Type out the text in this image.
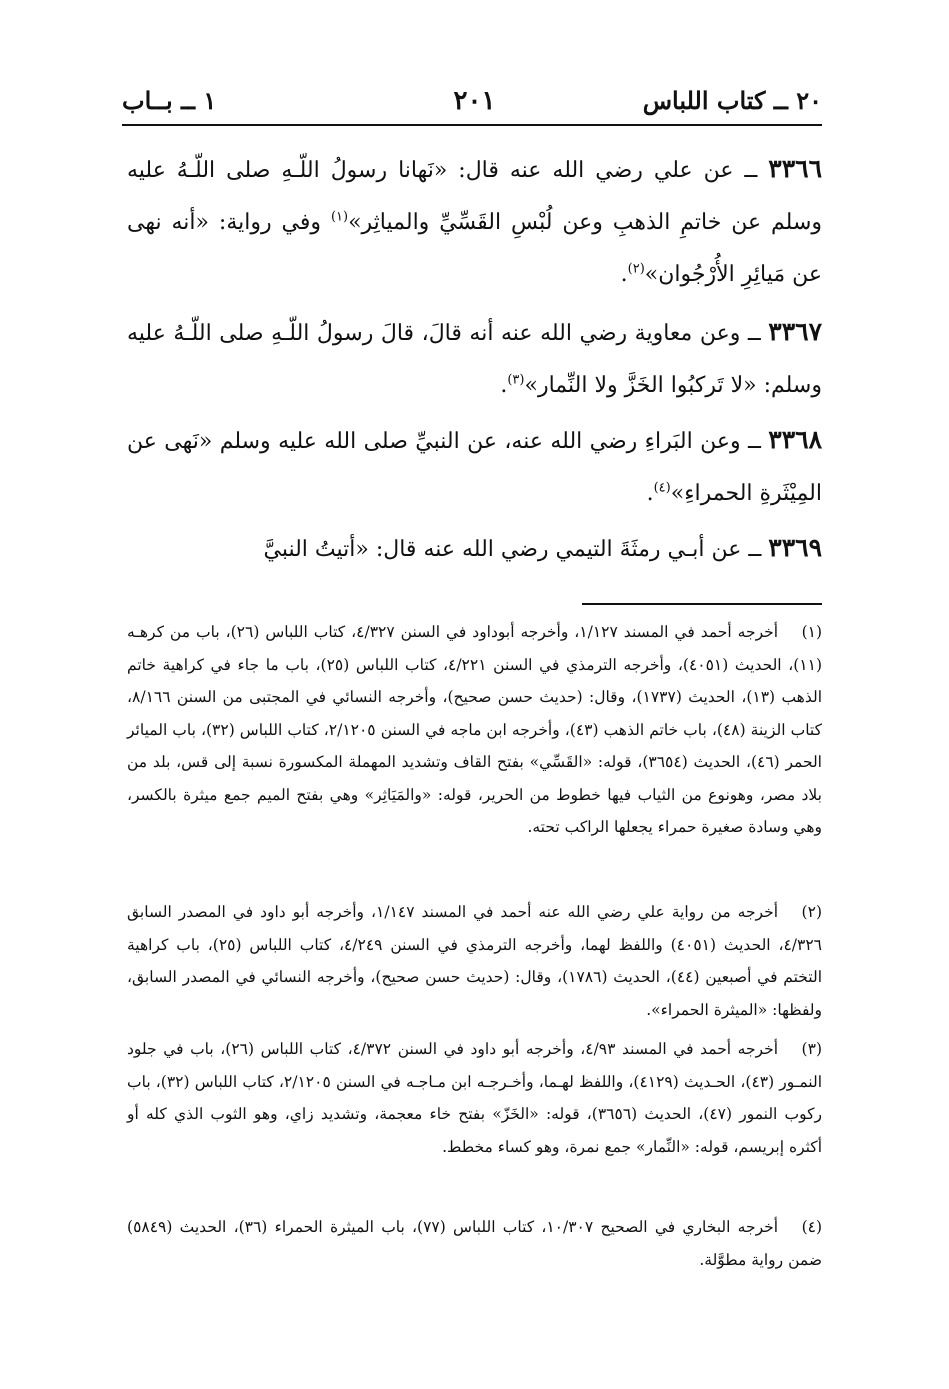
٢٠ ــ كتاب اللباس
٢٠١
١ ــ بــاب
٣٣٦٦ ــ عن علي رضي الله عنه قال: «نَهانا رسولُ اللّـهِ صلى اللّـهُ عليه وسلم عن خاتمِ الذهبِ وعن لُبْسِ القَسِّيِّ والمياثِر»$^{(١)}$ وفي رواية: «أنه نهى عن مَيائِرِ الأُرْجُوان»$^{(٢)}$.
٣٣٦٧ ــ وعن معاوية رضي الله عنه أنه قالَ، قالَ رسولُ اللّـهِ صلى اللّـهُ عليه وسلم: «لا تَركبُوا الخَزَّ ولا النِّمار»$^{(٣)}$.
٣٣٦٨ ــ وعن البَراءِ رضي الله عنه، عن النبيِّ صلى الله عليه وسلم «نَهى عن المِيْثَرةِ الحمراءِ»$^{(٤)}$.
٣٣٦٩ ــ عن أبـي رمثَةَ التيمي رضي الله عنه قال: «أتيتُ النبيَّ
(١)أخرجه أحمد في المسند ١/١٢٧، وأخرجه أبوداود في السنن ٤/٣٢٧، كتاب اللباس (٢٦)، باب من كرهـه (١١)، الحديث (٤٠٥١)، وأخرجه الترمذي في السنن ٤/٢٢١، كتاب اللباس (٢٥)، باب ما جاء في كراهية خاتم الذهب (١٣)، الحديث (١٧٣٧)، وقال: (حديث حسن صحيح)، وأخرجه النسائي في المجتبى من السنن ٨/١٦٦، كتاب الزينة (٤٨)، باب خاتم الذهب (٤٣)، وأخرجه ابن ماجه في السنن ٢/١٢٠٥، كتاب اللباس (٣٢)، باب الميائر الحمر (٤٦)، الحديث (٣٦٥٤)، قوله: «القَسِّي» بفتح القاف وتشديد المهملة المكسورة نسبة إلى قس، بلد من بلاد مصر، وهونوع من الثياب فيها خطوط من الحرير، قوله: «والمَيَاثِر» وهي بفتح الميم جمع ميثرة بالكسر، وهي وسادة صغيرة حمراء يجعلها الراكب تحته.
(٢)أخرجه من رواية علي رضي الله عنه أحمد في المسند ١/١٤٧، وأخرجه أبو داود في المصدر السابق ٤/٣٢٦، الحديث (٤٠٥١) واللفظ لهما، وأخرجه الترمذي في السنن ٤/٢٤٩، كتاب اللباس (٢٥)، باب كراهية التختم في أصبعين (٤٤)، الحديث (١٧٨٦)، وقال: (حديث حسن صحيح)، وأخرجه النسائي في المصدر السابق، ولفظها: «الميثرة الحمراء».
(٣)أخرجه أحمد في المسند ٤/٩٣، وأخرجه أبو داود في السنن ٤/٣٧٢، كتاب اللباس (٢٦)، باب في جلود النمـور (٤٣)، الحـديث (٤١٢٩)، واللفظ لهـما، وأخـرجـه ابن مـاجـه في السنن ٢/١٢٠٥، كتاب اللباس (٣٢)، باب ركوب النمور (٤٧)، الحديث (٣٦٥٦)، قوله: «الخَزّ» بفتح خاء معجمة، وتشديد زاي، وهو الثوب الذي كله أو أكثره إبريسم، قوله: «النِّمار» جمع نمرة، وهو كساء مخطط.
(٤)أخرجه البخاري في الصحيح ١٠/٣٠٧، كتاب اللباس (٧٧)، باب الميثرة الحمراء (٣٦)، الحديث (٥٨٤٩) ضمن رواية مطوَّلة.
